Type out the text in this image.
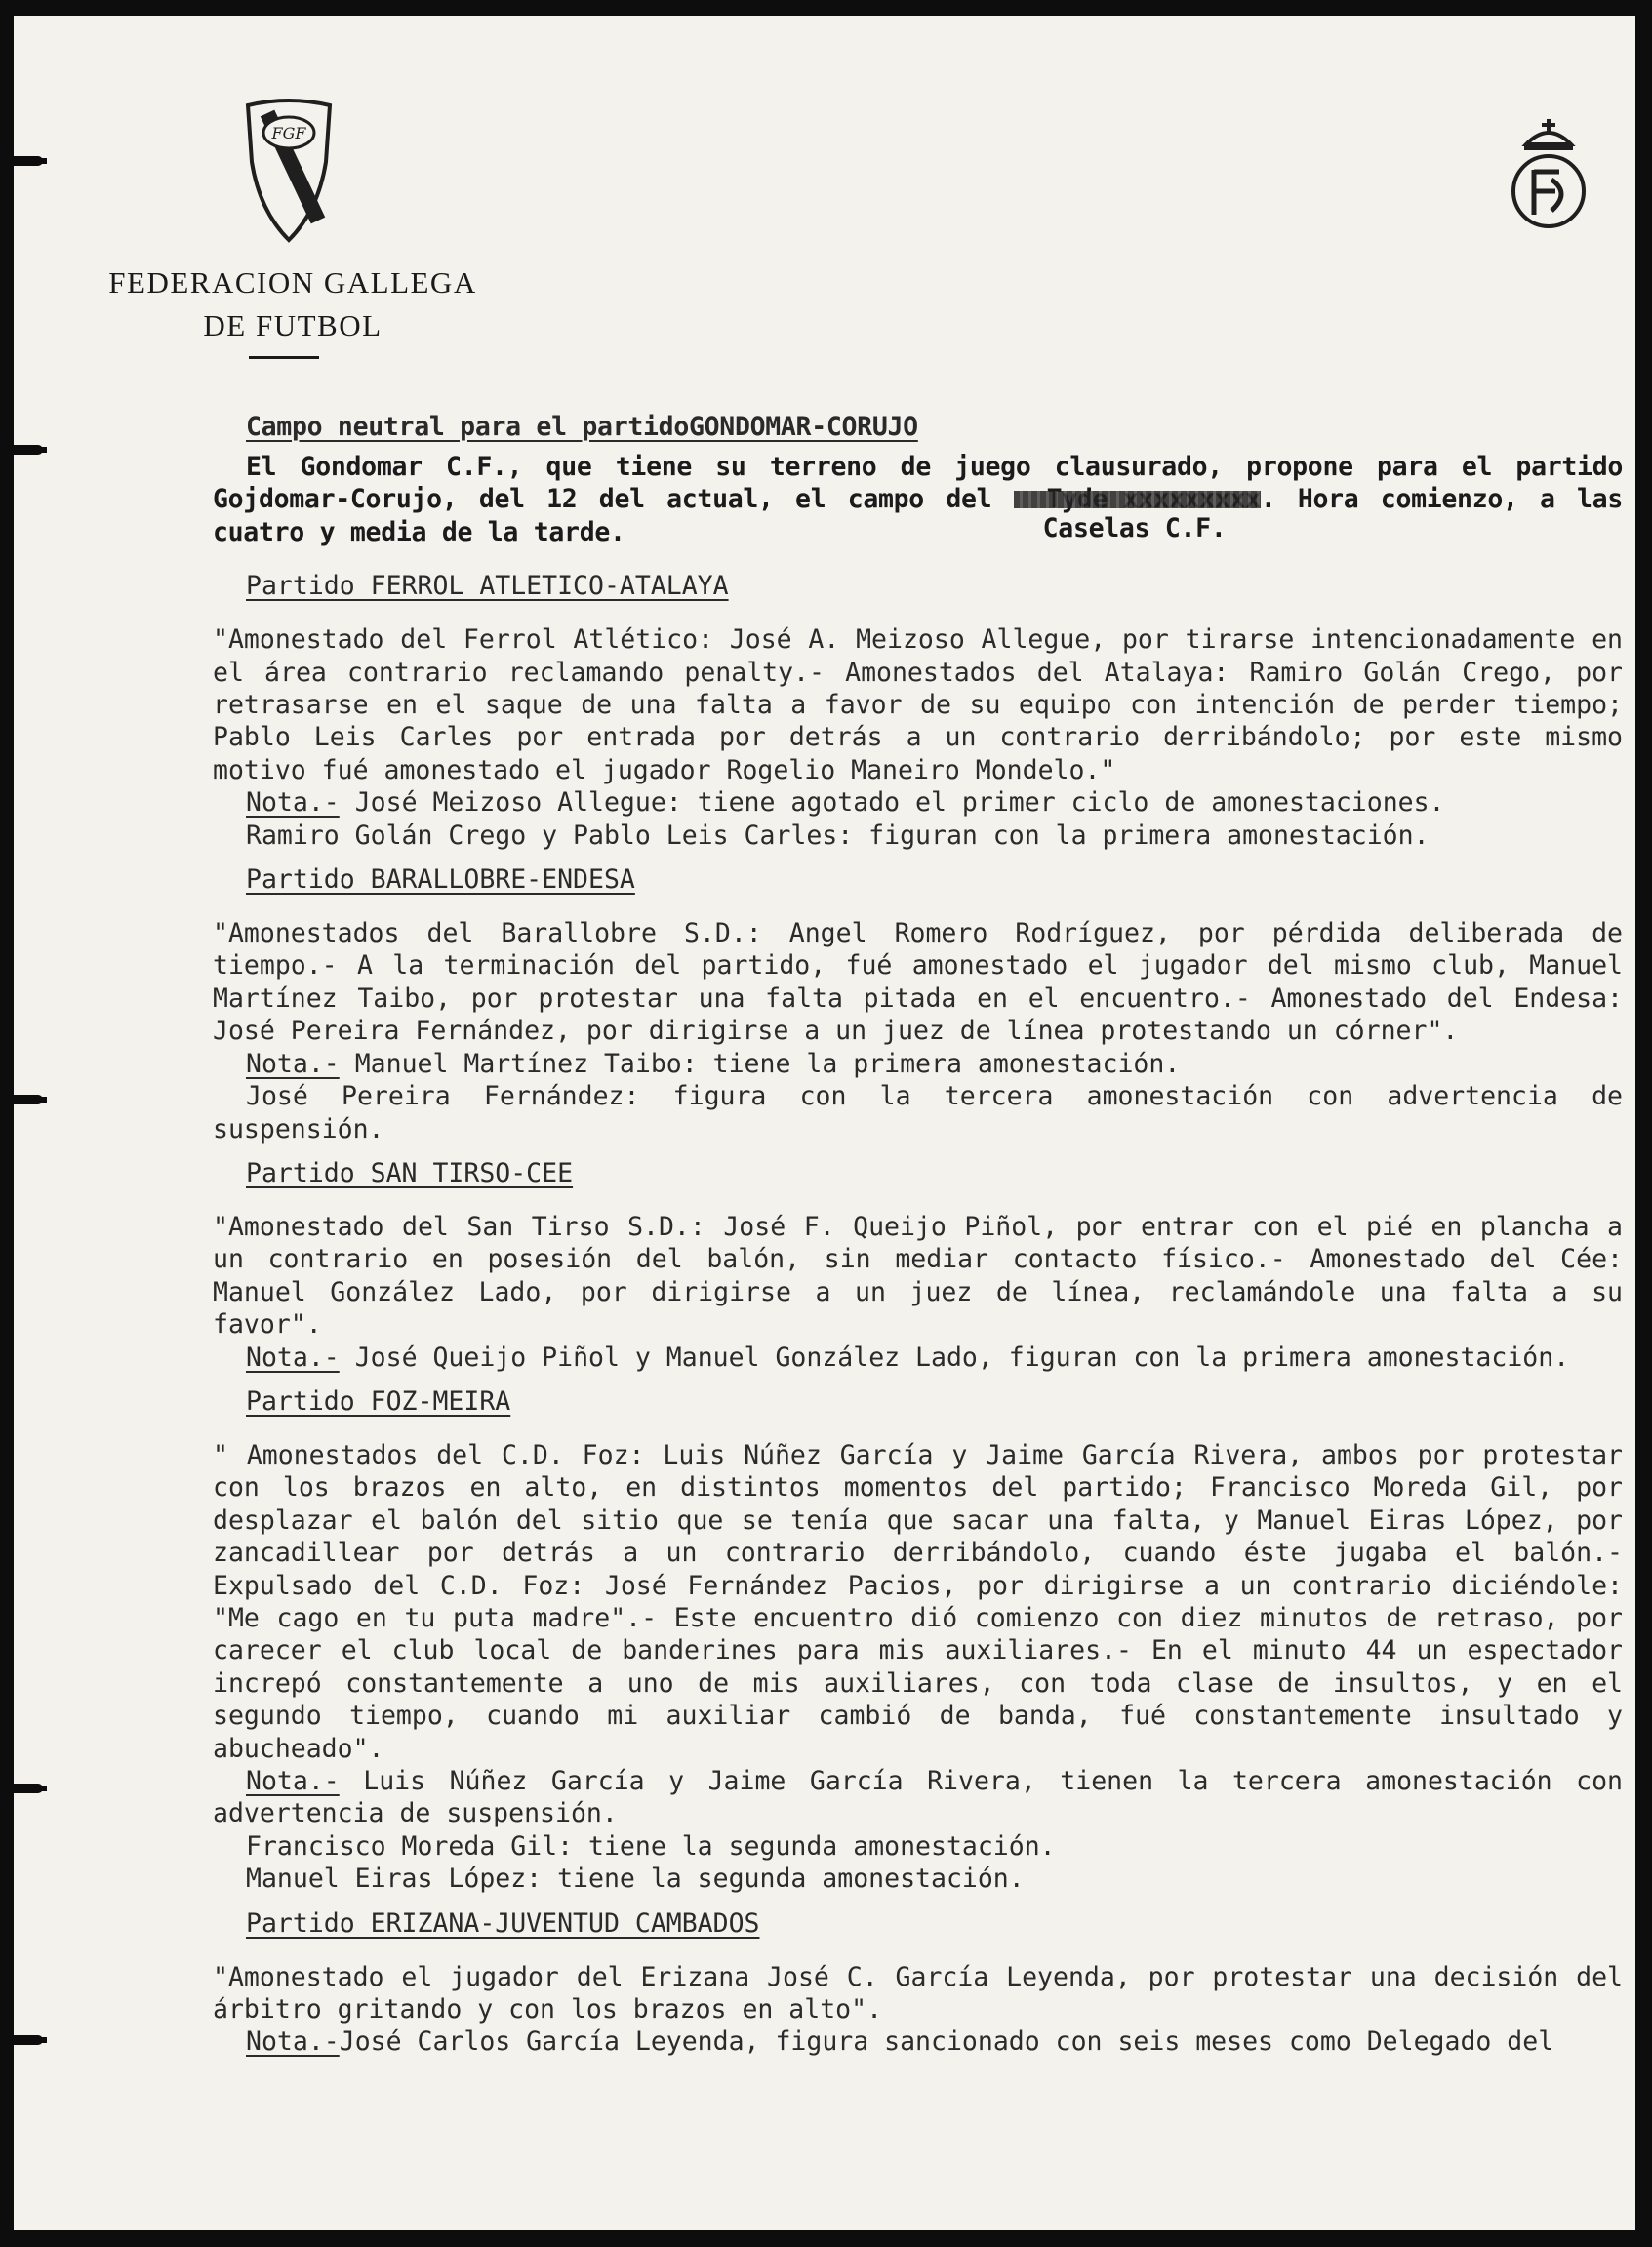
FGF
FEDERACION GALLEGA
DE FUTBOL
Campo neutral para el partidoGONDOMAR-CORUJO
El Gondomar C.F., que tiene su terreno de juego clausurado, propone para el partido Gojdomar-Corujo, del 12 del actual, el campo del
Caselas C.F.
. Hora comienzo, a las cuatro y media de la tarde.
Partido FERROL ATLETICO-ATALAYA
"Amonestado del Ferrol Atlético: José A. Meizoso Allegue, por tirarse intencionadamente en el área contrario reclamando penalty.- Amonestados del Atalaya: Ramiro Golán Crego, por retrasarse en el saque de una falta a favor de su equipo con intención de perder tiempo; Pablo Leis Carles por entrada por detrás a un contrario derribándolo; por este mismo motivo fué amonestado el jugador Rogelio Maneiro Mondelo."
Nota.- José Meizoso Allegue: tiene agotado el primer ciclo de amonestaciones.
Ramiro Golán Crego y Pablo Leis Carles: figuran con la primera amonestación.
Partido BARALLOBRE-ENDESA
"Amonestados del Barallobre S.D.: Angel Romero Rodríguez, por pérdida deliberada de tiempo.- A la terminación del partido, fué amonestado el jugador del mismo club, Manuel Martínez Taibo, por protestar una falta pitada en el encuentro.- Amonestado del Endesa: José Pereira Fernández, por dirigirse a un juez de línea protestando un córner".
Nota.- Manuel Martínez Taibo: tiene la primera amonestación.
José Pereira Fernández: figura con la tercera amonestación con advertencia de suspensión.
Partido SAN TIRSO-CEE
"Amonestado del San Tirso S.D.: José F. Queijo Piñol, por entrar con el pié en plancha a un contrario en posesión del balón, sin mediar contacto físico.- Amonestado del Cée: Manuel González Lado, por dirigirse a un juez de línea, reclamándole una falta a su favor".
Nota.- José Queijo Piñol y Manuel González Lado, figuran con la primera amonestación.
Partido FOZ-MEIRA
" Amonestados del C.D. Foz: Luis Núñez García y Jaime García Rivera, ambos por protestar con los brazos en alto, en distintos momentos del partido; Francisco Moreda Gil, por desplazar el balón del sitio que se tenía que sacar una falta, y Manuel Eiras López, por zancadillear por detrás a un contrario derribándolo, cuando éste jugaba el balón.- Expulsado del C.D. Foz: José Fernández Pacios, por dirigirse a un contrario diciéndole: "Me cago en tu puta madre".- Este encuentro dió comienzo con diez minutos de retraso, por carecer el club local de banderines para mis auxiliares.- En el minuto 44 un espectador increpó constantemente a uno de mis auxiliares, con toda clase de insultos, y en el segundo tiempo, cuando mi auxiliar cambió de banda, fué constantemente insultado y abucheado".
Nota.- Luis Núñez García y Jaime García Rivera, tienen la tercera amonestación con advertencia de suspensión.
Francisco Moreda Gil: tiene la segunda amonestación.
Manuel Eiras López: tiene la segunda amonestación.
Partido ERIZANA-JUVENTUD CAMBADOS
"Amonestado el jugador del Erizana José C. García Leyenda, por protestar una decisión del árbitro gritando y con los brazos en alto".
Nota.-José Carlos García Leyenda, figura sancionado con seis meses como Delegado del
